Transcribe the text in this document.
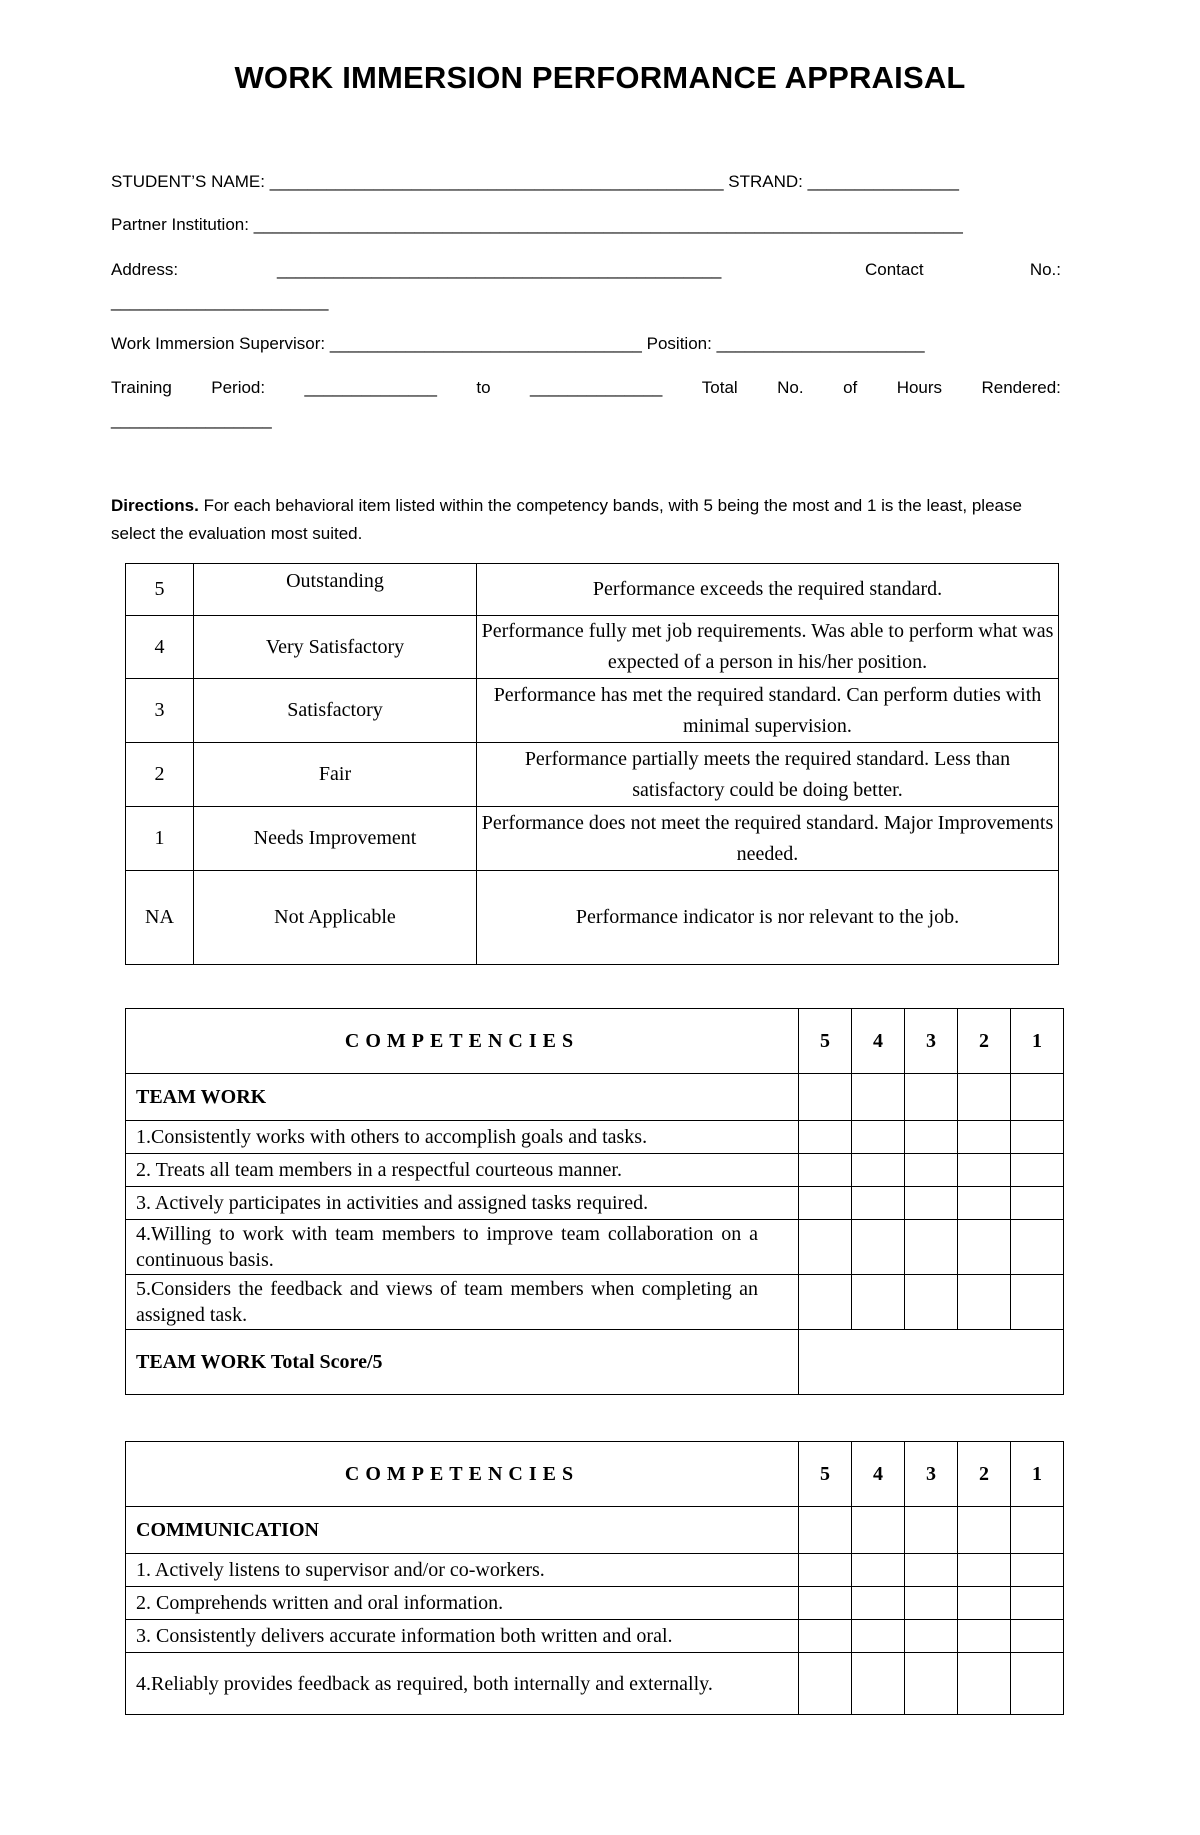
WORK IMMERSION PERFORMANCE APPRAISAL
STUDENT’S NAME: ________________________________________________ STRAND: ________________
Partner Institution: ___________________________________________________________________________
Address:	_______________________________________________	Contact	No.:
_______________________
Work Immersion Supervisor: _________________________________ Position: ______________________
Training Period: ______________ to ______________ Total No. of Hours Rendered:
_________________
Directions. For each behavioral item listed within the competency bands, with 5 being the most and 1 is the least, please select the evaluation most suited.
5	Outstanding	Performance exceeds the required standard.
4	Very Satisfactory	Performance fully met job requirements. Was able to perform what was expected of a person in his/her position.
3	Satisfactory	Performance has met the required standard. Can perform duties with minimal supervision.
2	Fair	Performance partially meets the required standard. Less than satisfactory could be doing better.
1	Needs Improvement	Performance does not meet the required standard. Major Improvements needed.
NA	Not Applicable	Performance indicator is nor relevant to the job.
COMPETENCIES	5	4	3	2	1
TEAM WORK					
1.Consistently works with others to accomplish goals and tasks.					
2. Treats all team members in a respectful courteous manner.					
3. Actively participates in activities and assigned tasks required.					
4.Willing to work with team members to improve team collaboration on a continuous basis.					
5.Considers the feedback and views of team members when completing an assigned task.					
TEAM WORK Total Score/5					
COMPETENCIES	5	4	3	2	1
COMMUNICATION					
1. Actively listens to supervisor and/or co-workers.					
2. Comprehends written and oral information.					
3. Consistently delivers accurate information both written and oral.					
4.Reliably provides feedback as required, both internally and externally.					
